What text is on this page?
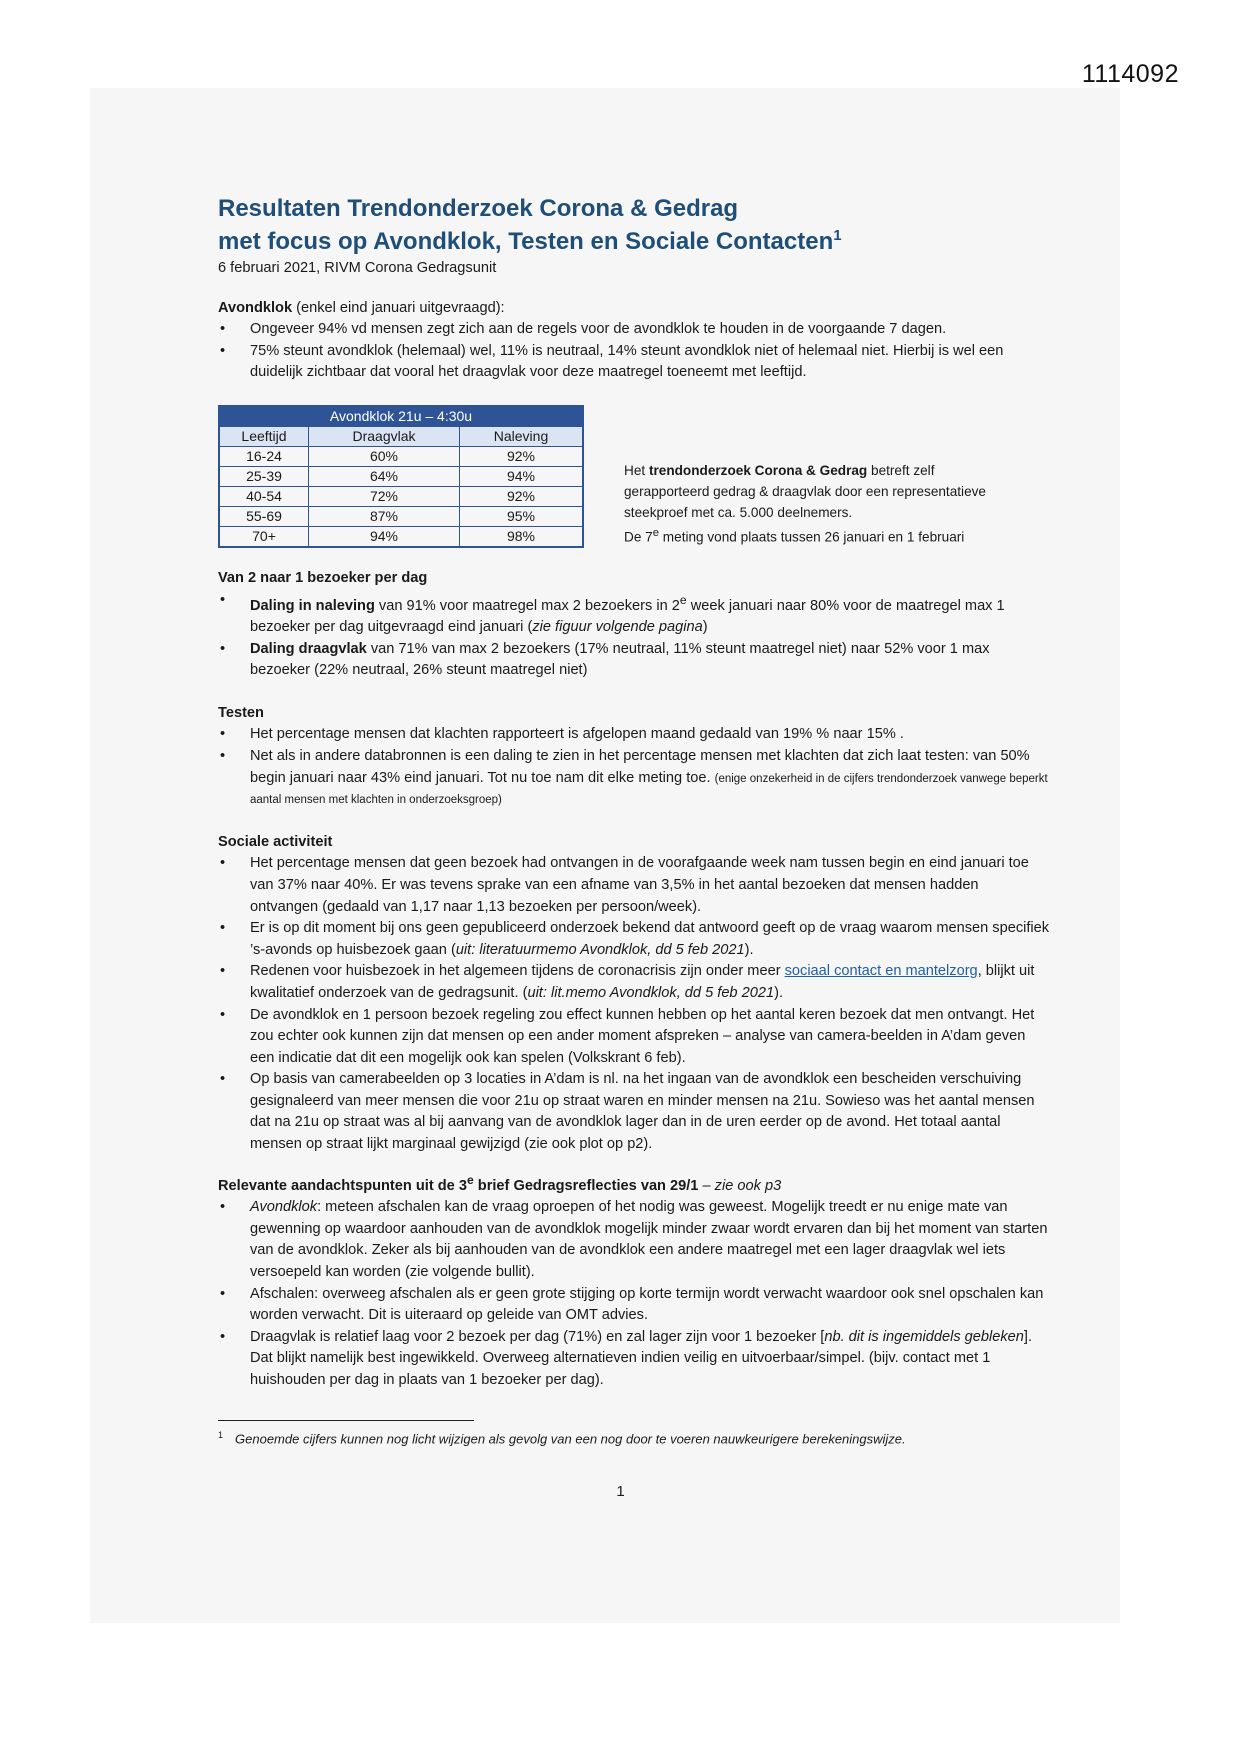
1114092
Resultaten Trendonderzoek Corona & Gedrag
met focus op Avondklok, Testen en Sociale Contacten$^1$

6 februari 2021, RIVM Corona Gedragsunit

Avondklok (enkel eind januari uitgevraagd):

• Ongeveer 94% vd mensen zegt zich aan de regels voor de avondklok te houden in de voorgaande 7 dagen.
• 75% steunt avondklok (helemaal) wel, 11% is neutraal, 14% steunt avondklok niet of helemaal niet. Hierbij is wel een duidelijk zichtbaar dat vooral het draagvlak voor deze maatregel toeneemt met leeftijd.
Avondklok 21u – 4:30u		
Leeftijd	Draagvlak	Naleving
16-24	60%	92%
25-39	64%	94%
40-54	72%	92%
55-69	87%	95%
70+	94%	98%
Het trendonderzoek Corona & Gedrag betreft zelf gerapporteerd gedrag & draagvlak door een representatieve steekproef met ca. 5.000 deelnemers.
De 7e meting vond plaats tussen 26 januari en 1 februari

Van 2 naar 1 bezoeker per dag

• Daling in naleving van 91% voor maatregel max 2 bezoekers in 2e week januari naar 80% voor de maatregel max 1 bezoeker per dag uitgevraagd eind januari (zie figuur volgende pagina)
• Daling draagvlak van 71% van max 2 bezoekers (17% neutraal, 11% steunt maatregel niet) naar 52% voor 1 max bezoeker (22% neutraal, 26% steunt maatregel niet)

Testen

• Het percentage mensen dat klachten rapporteert is afgelopen maand gedaald van 19% % naar 15% .
• Net als in andere databronnen is een daling te zien in het percentage mensen met klachten dat zich laat testen: van 50% begin januari naar 43% eind januari. Tot nu toe nam dit elke meting toe. (enige onzekerheid in de cijfers trendonderzoek vanwege beperkt aantal mensen met klachten in onderzoeksgroep)

Sociale activiteit

• Het percentage mensen dat geen bezoek had ontvangen in de voorafgaande week nam tussen begin en eind januari toe van 37% naar 40%. Er was tevens sprake van een afname van 3,5% in het aantal bezoeken dat mensen hadden ontvangen (gedaald van 1,17 naar 1,13 bezoeken per persoon/week).
• Er is op dit moment bij ons geen gepubliceerd onderzoek bekend dat antwoord geeft op de vraag waarom mensen specifiek ’s-avonds op huisbezoek gaan (uit: literatuurmemo Avondklok, dd 5 feb 2021).
• Redenen voor huisbezoek in het algemeen tijdens de coronacrisis zijn onder meer sociaal contact en mantelzorg, blijkt uit kwalitatief onderzoek van de gedragsunit. (uit: lit.memo Avondklok, dd 5 feb 2021).
• De avondklok en 1 persoon bezoek regeling zou effect kunnen hebben op het aantal keren bezoek dat men ontvangt. Het zou echter ook kunnen zijn dat mensen op een ander moment afspreken – analyse van camera-beelden in A’dam geven een indicatie dat dit een mogelijk ook kan spelen (Volkskrant 6 feb).
• Op basis van camerabeelden op 3 locaties in A’dam is nl. na het ingaan van de avondklok een bescheiden verschuiving gesignaleerd van meer mensen die voor 21u op straat waren en minder mensen na 21u. Sowieso was het aantal mensen dat na 21u op straat was al bij aanvang van de avondklok lager dan in de uren eerder op de avond. Het totaal aantal mensen op straat lijkt marginaal gewijzigd (zie ook plot op p2).

Relevante aandachtspunten uit de 3e brief Gedragsreflecties van 29/1 – zie ook p3

• Avondklok: meteen afschalen kan de vraag oproepen of het nodig was geweest. Mogelijk treedt er nu enige mate van gewenning op waardoor aanhouden van de avondklok mogelijk minder zwaar wordt ervaren dan bij het moment van starten van de avondklok. Zeker als bij aanhouden van de avondklok een andere maatregel met een lager draagvlak wel iets versoepeld kan worden (zie volgende bullit).
• Afschalen: overweeg afschalen als er geen grote stijging op korte termijn wordt verwacht waardoor ook snel opschalen kan worden verwacht. Dit is uiteraard op geleide van OMT advies.
• Draagvlak is relatief laag voor 2 bezoek per dag (71%) en zal lager zijn voor 1 bezoeker [nb. dit is ingemiddels gebleken]. Dat blijkt namelijk best ingewikkeld. Overweeg alternatieven indien veilig en uitvoerbaar/simpel. (bijv. contact met 1 huishouden per dag in plaats van 1 bezoeker per dag).
$^1$ Genoemde cijfers kunnen nog licht wijzigen als gevolg van een nog door te voeren nauwkeurigere berekeningswijze.
1
